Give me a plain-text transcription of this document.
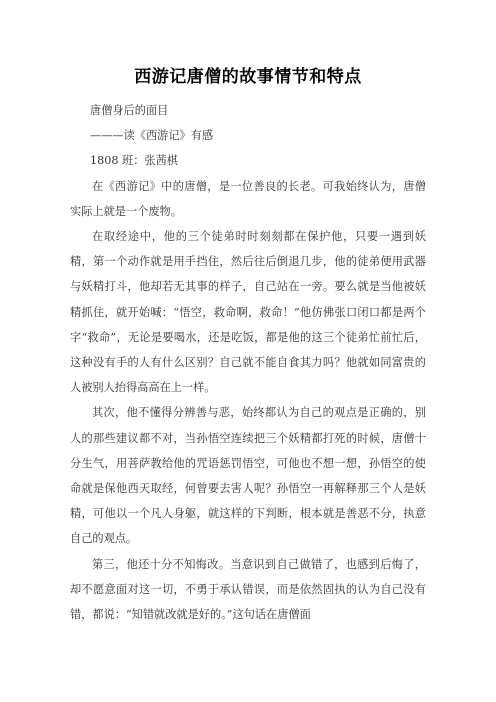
西游记唐僧的故事情节和特点

唐僧身后的面目

———读《西游记》有感

1808 班：张茜棋

在《西游记》中的唐僧，是一位善良的长老。可我始终认为，唐僧实际上就是一个废物。

在取经途中，他的三个徒弟时时刻刻都在保护他，只要一遇到妖精，第一个动作就是用手挡住，然后往后倒退几步，他的徒弟便用武器与妖精打斗，他却若无其事的样子，自己站在一旁。要么就是当他被妖精抓住，就开始喊：“悟空，救命啊，救命！”他仿佛张口闭口都是两个字“救命”，无论是要喝水，还是吃饭，都是他的这三个徒弟忙前忙后，这种没有手的人有什么区别？自己就不能自食其力吗？他就如同富贵的人被别人抬得高高在上一样。

其次，他不懂得分辨善与恶，始终都认为自己的观点是正确的，别人的那些建议都不对，当孙悟空连续把三个妖精都打死的时候，唐僧十分生气，用菩萨教给他的咒语惩罚悟空，可他也不想一想，孙悟空的使命就是保他西天取经，何曾要去害人呢？孙悟空一再解释那三个人是妖精，可他以一个凡人身躯，就这样的下判断，根本就是善恶不分，执意自己的观点。

第三，他还十分不知悔改。当意识到自己做错了，也感到后悔了，却不愿意面对这一切，不勇于承认错误，而是依然固执的认为自己没有错，都说：“知错就改就是好的。”这句话在唐僧面
